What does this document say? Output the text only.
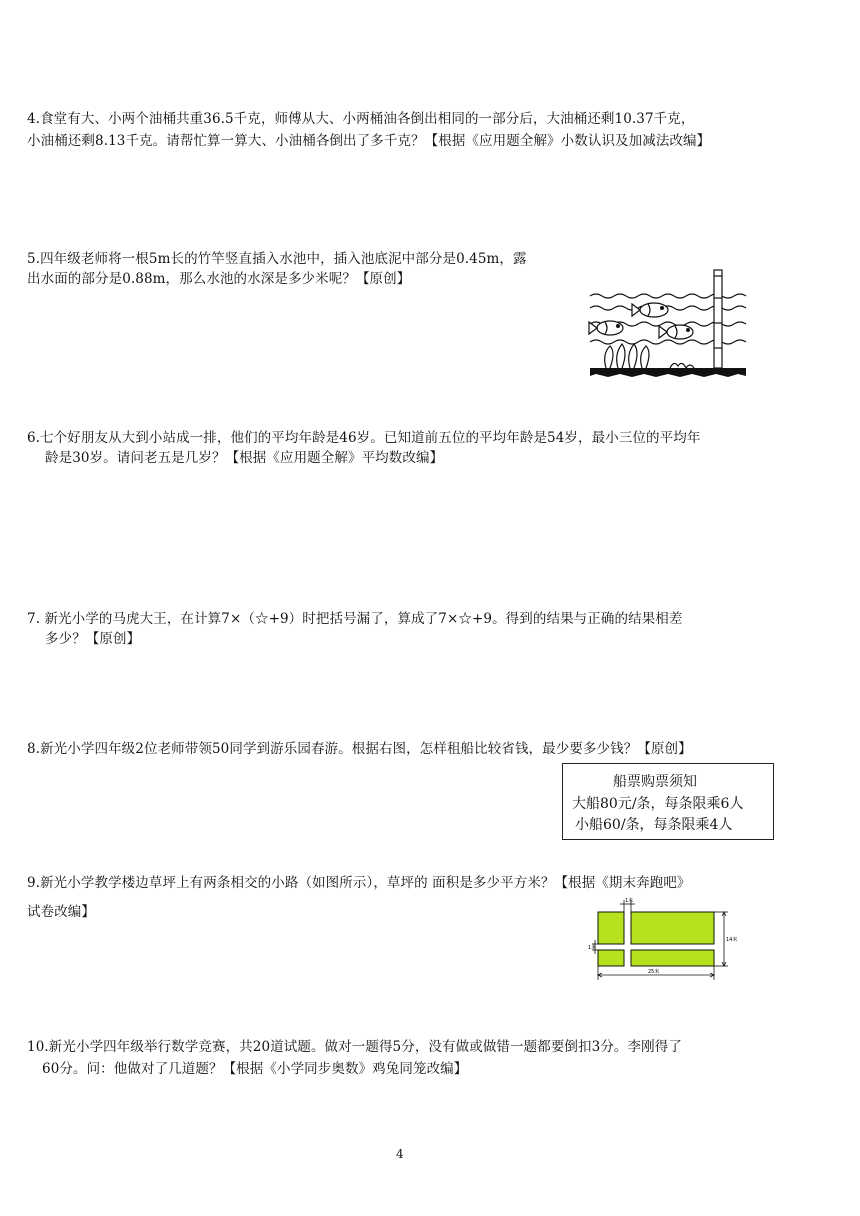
4.食堂有大、小两个油桶共重36.5千克，师傅从大、小两桶油各倒出相同的一部分后，大油桶还剩10.37千克，
小油桶还剩8.13千克。请帮忙算一算大、小油桶各倒出了多千克？【根据《应用题全解》小数认识及加减法改编】
5.四年级老师将一根5m长的竹竿竖直插入水池中，插入池底泥中部分是0.45m，露
出水面的部分是0.88m，那么水池的水深是多少米呢？【原创】
6.七个好朋友从大到小站成一排，他们的平均年龄是46岁。已知道前五位的平均年龄是54岁，最小三位的平均年
龄是30岁。请问老五是几岁？【根据《应用题全解》平均数改编】
7. 新光小学的马虎大王，在计算7×（☆+9）时把括号漏了，算成了7×☆+9。得到的结果与正确的结果相差
多少？【原创】
8.新光小学四年级2位老师带领50同学到游乐园春游。根据右图，怎样租船比较省钱，最少要多少钱？【原创】
船票购票须知
大船80元/条，每条限乘6人
小船60/条，每条限乘4人
9.新光小学教学楼边草坪上有两条相交的小路（如图所示），草坪的 面积是多少平方米？【根据《期末奔跑吧》
试卷改编】
1米
1米
14米
25米
10.新光小学四年级举行数学竞赛，共20道试题。做对一题得5分，没有做或做错一题都要倒扣3分。李刚得了
60分。问：他做对了几道题？【根据《小学同步奥数》鸡兔同笼改编】
4
